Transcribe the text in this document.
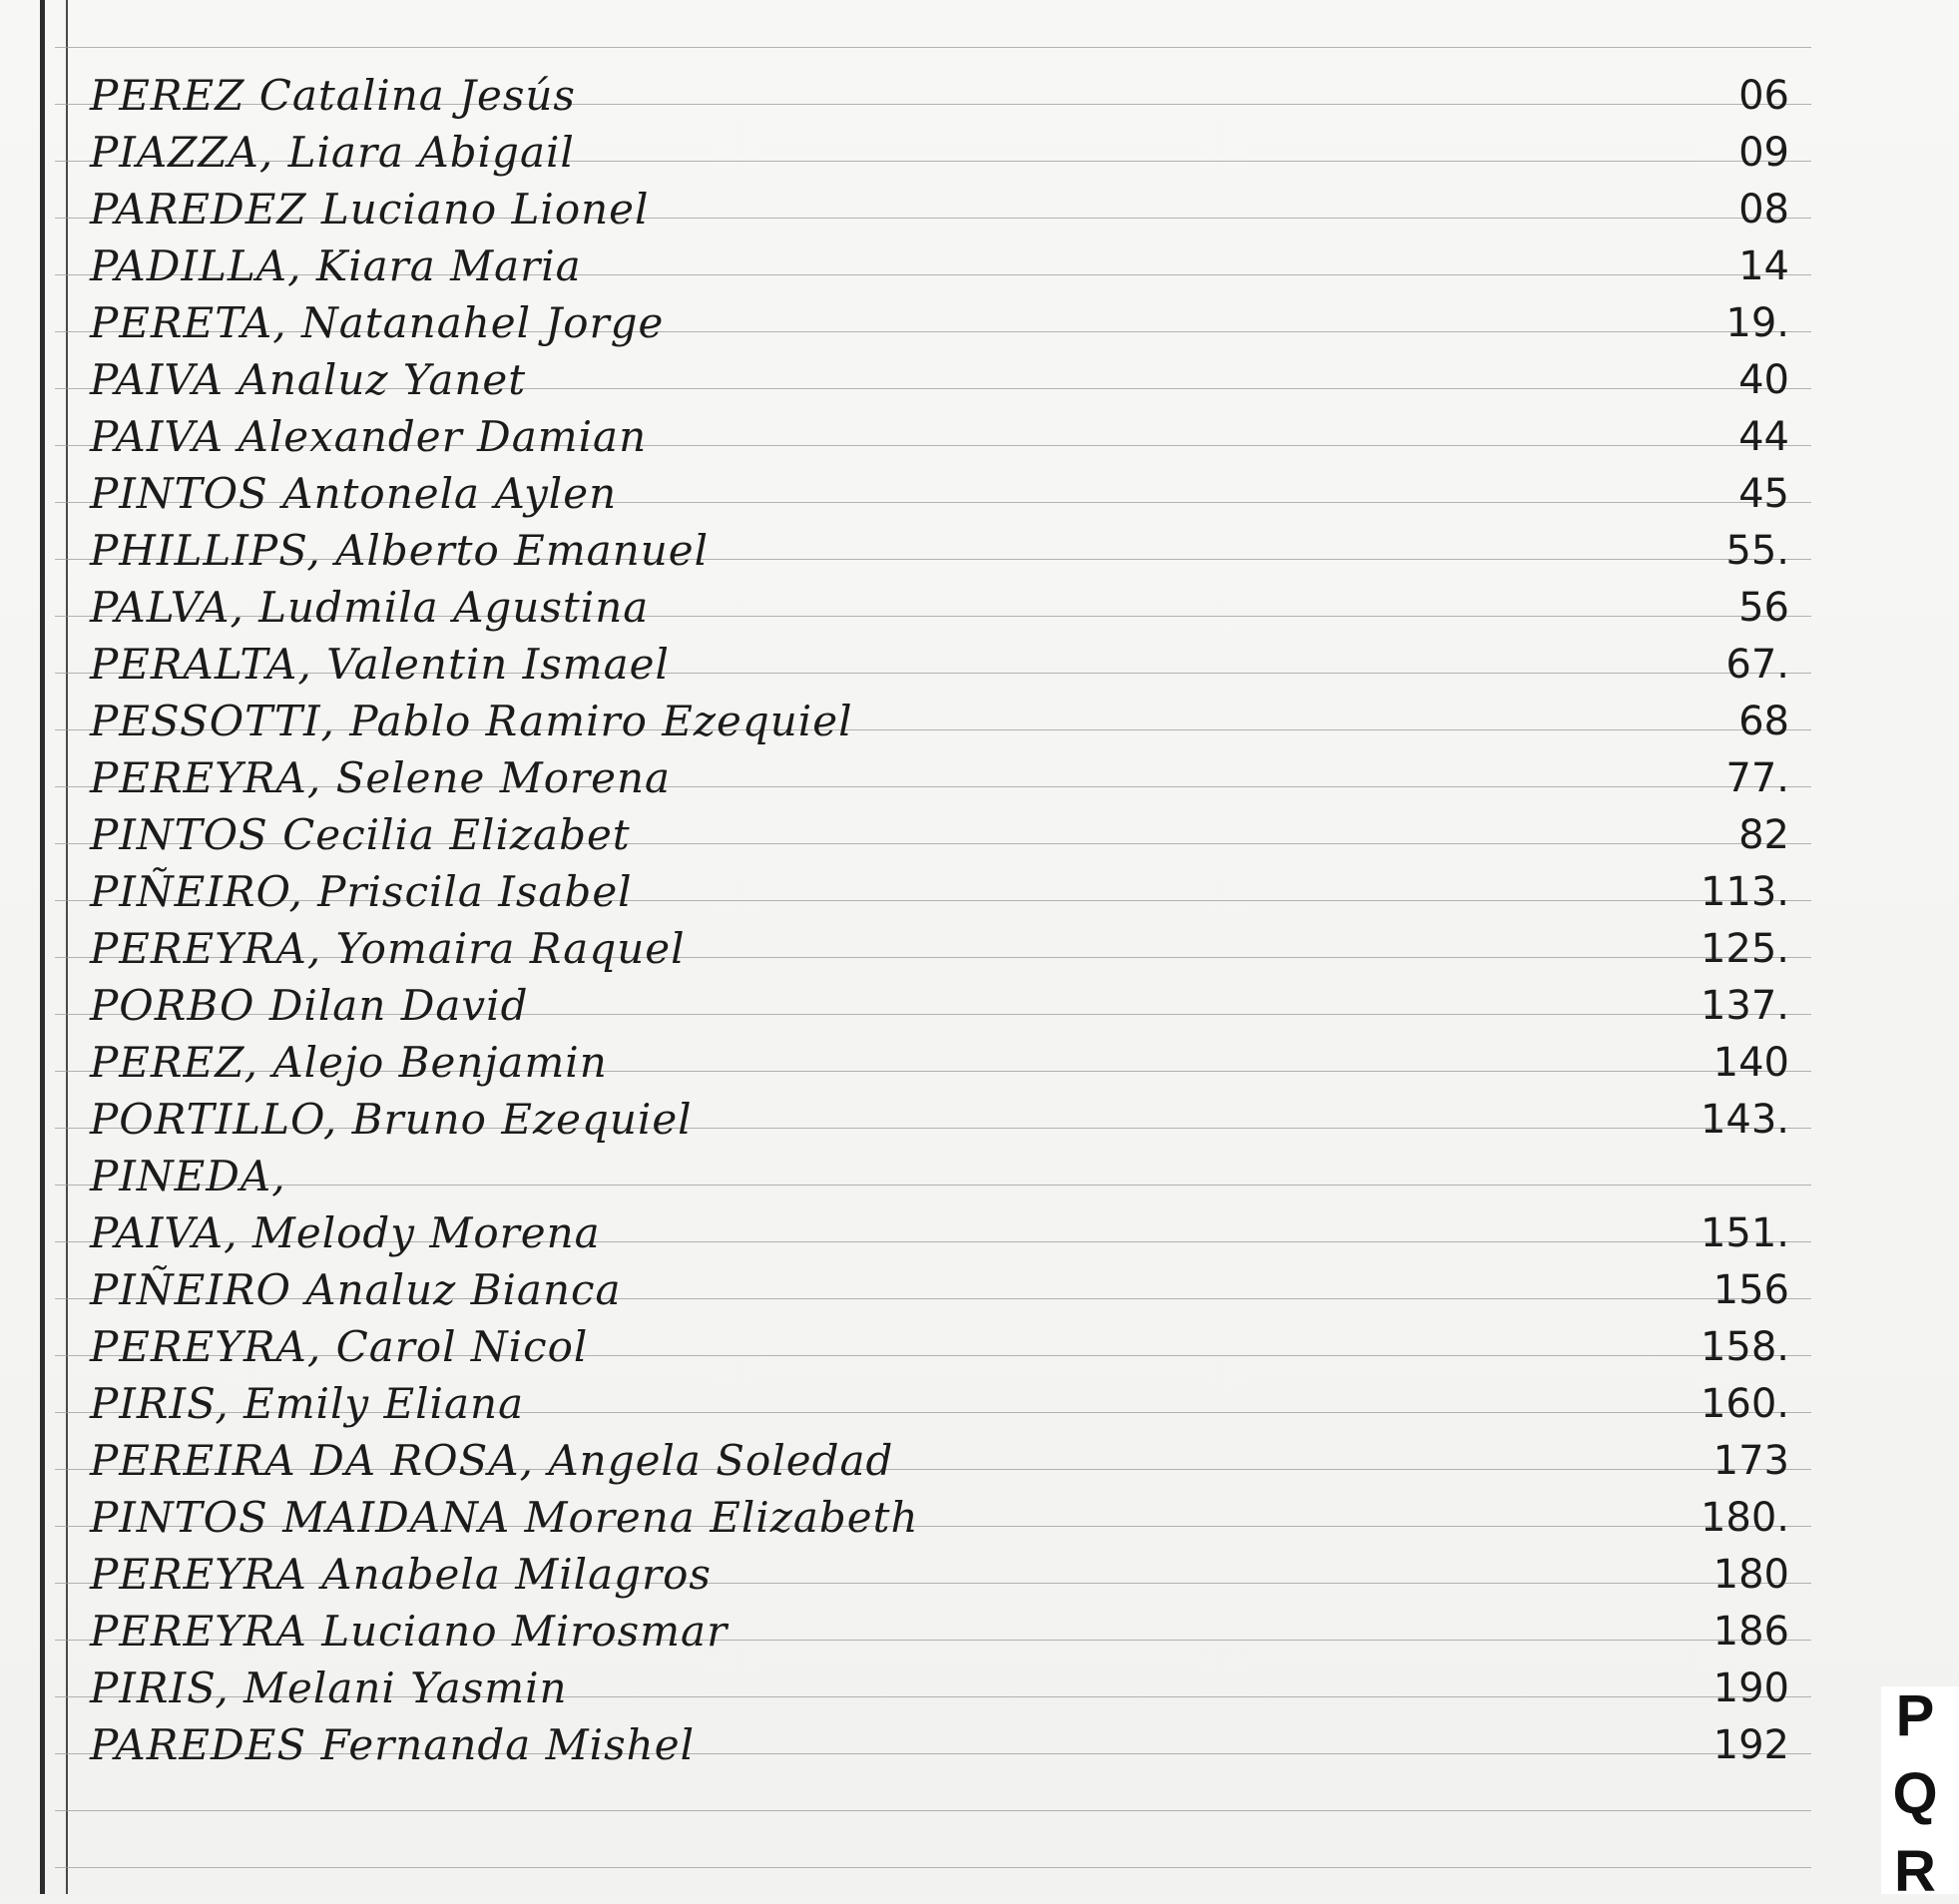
PEREZ Catalina Jesús	06
PIAZZA, Liara Abigail	09
PAREDEZ Luciano Lionel	08
PADILLA, Kiara Maria	14
PERETA, Natanahel Jorge	19.
PAIVA Analuz Yanet	40
PAIVA Alexander Damian	44
PINTOS Antonela Aylen	45
PHILLIPS, Alberto Emanuel	55.
PALVA, Ludmila Agustina	56
PERALTA, Valentin Ismael	67.
PESSOTTI, Pablo Ramiro Ezequiel	68
PEREYRA, Selene Morena	77.
PINTOS Cecilia Elizabet	82
PIÑEIRO, Priscila Isabel	113.
PEREYRA, Yomaira Raquel	125.
PORBO Dilan David	137.
PEREZ, Alejo Benjamin	140
PORTILLO, Bruno Ezequiel	143.
PINEDA,
PAIVA, Melody Morena	151.
PIÑEIRO Analuz Bianca	156
PEREYRA, Carol Nicol	158.
PIRIS, Emily Eliana	160.
PEREIRA DA ROSA, Angela Soledad	173
PINTOS MAIDANA Morena Elizabeth	180.
PEREYRA Anabela Milagros	180
PEREYRA Luciano Mirosmar	186
PIRIS, Melani Yasmin	190
PAREDES Fernanda Mishel	192 P
Q
R
